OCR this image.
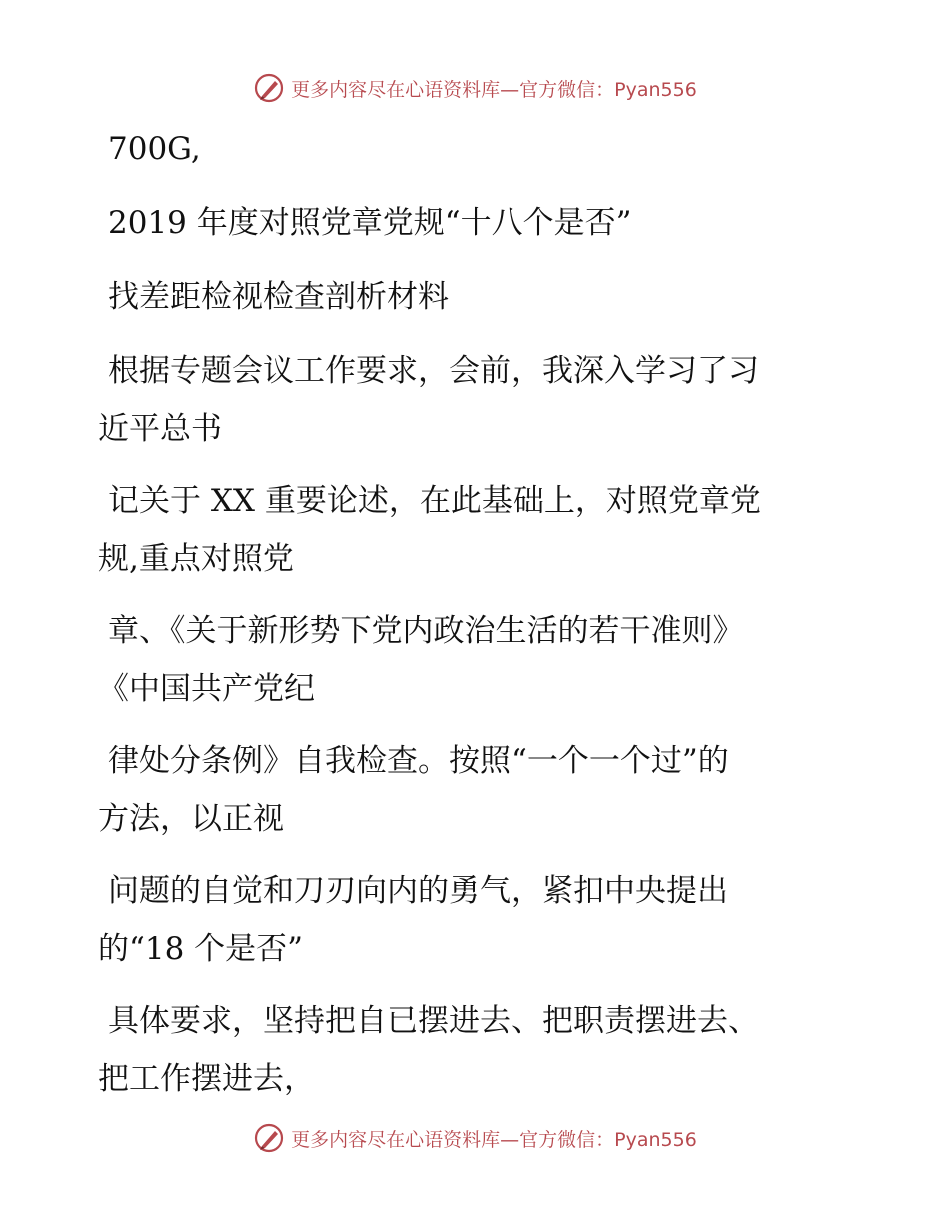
更多内容尽在心语资料库—官方微信：Pyan556
700G,
2019 年度对照党章党规“十八个是否”
找差距检视检查剖析材料
根据专题会议工作要求，会前，我深入学习了习
近平总书
记关于 XX 重要论述，在此基础上，对照党章党
规,重点对照党
章、《关于新形势下党内政治生活的若干准则》
《中国共产党纪
律处分条例》自我检查。按照“一个一个过”的
方法，以正视
问题的自觉和刀刃向内的勇气，紧扣中央提出
的“18 个是否”
具体要求，坚持把自已摆进去、把职责摆进去、
把工作摆进去，
更多内容尽在心语资料库—官方微信：Pyan556
